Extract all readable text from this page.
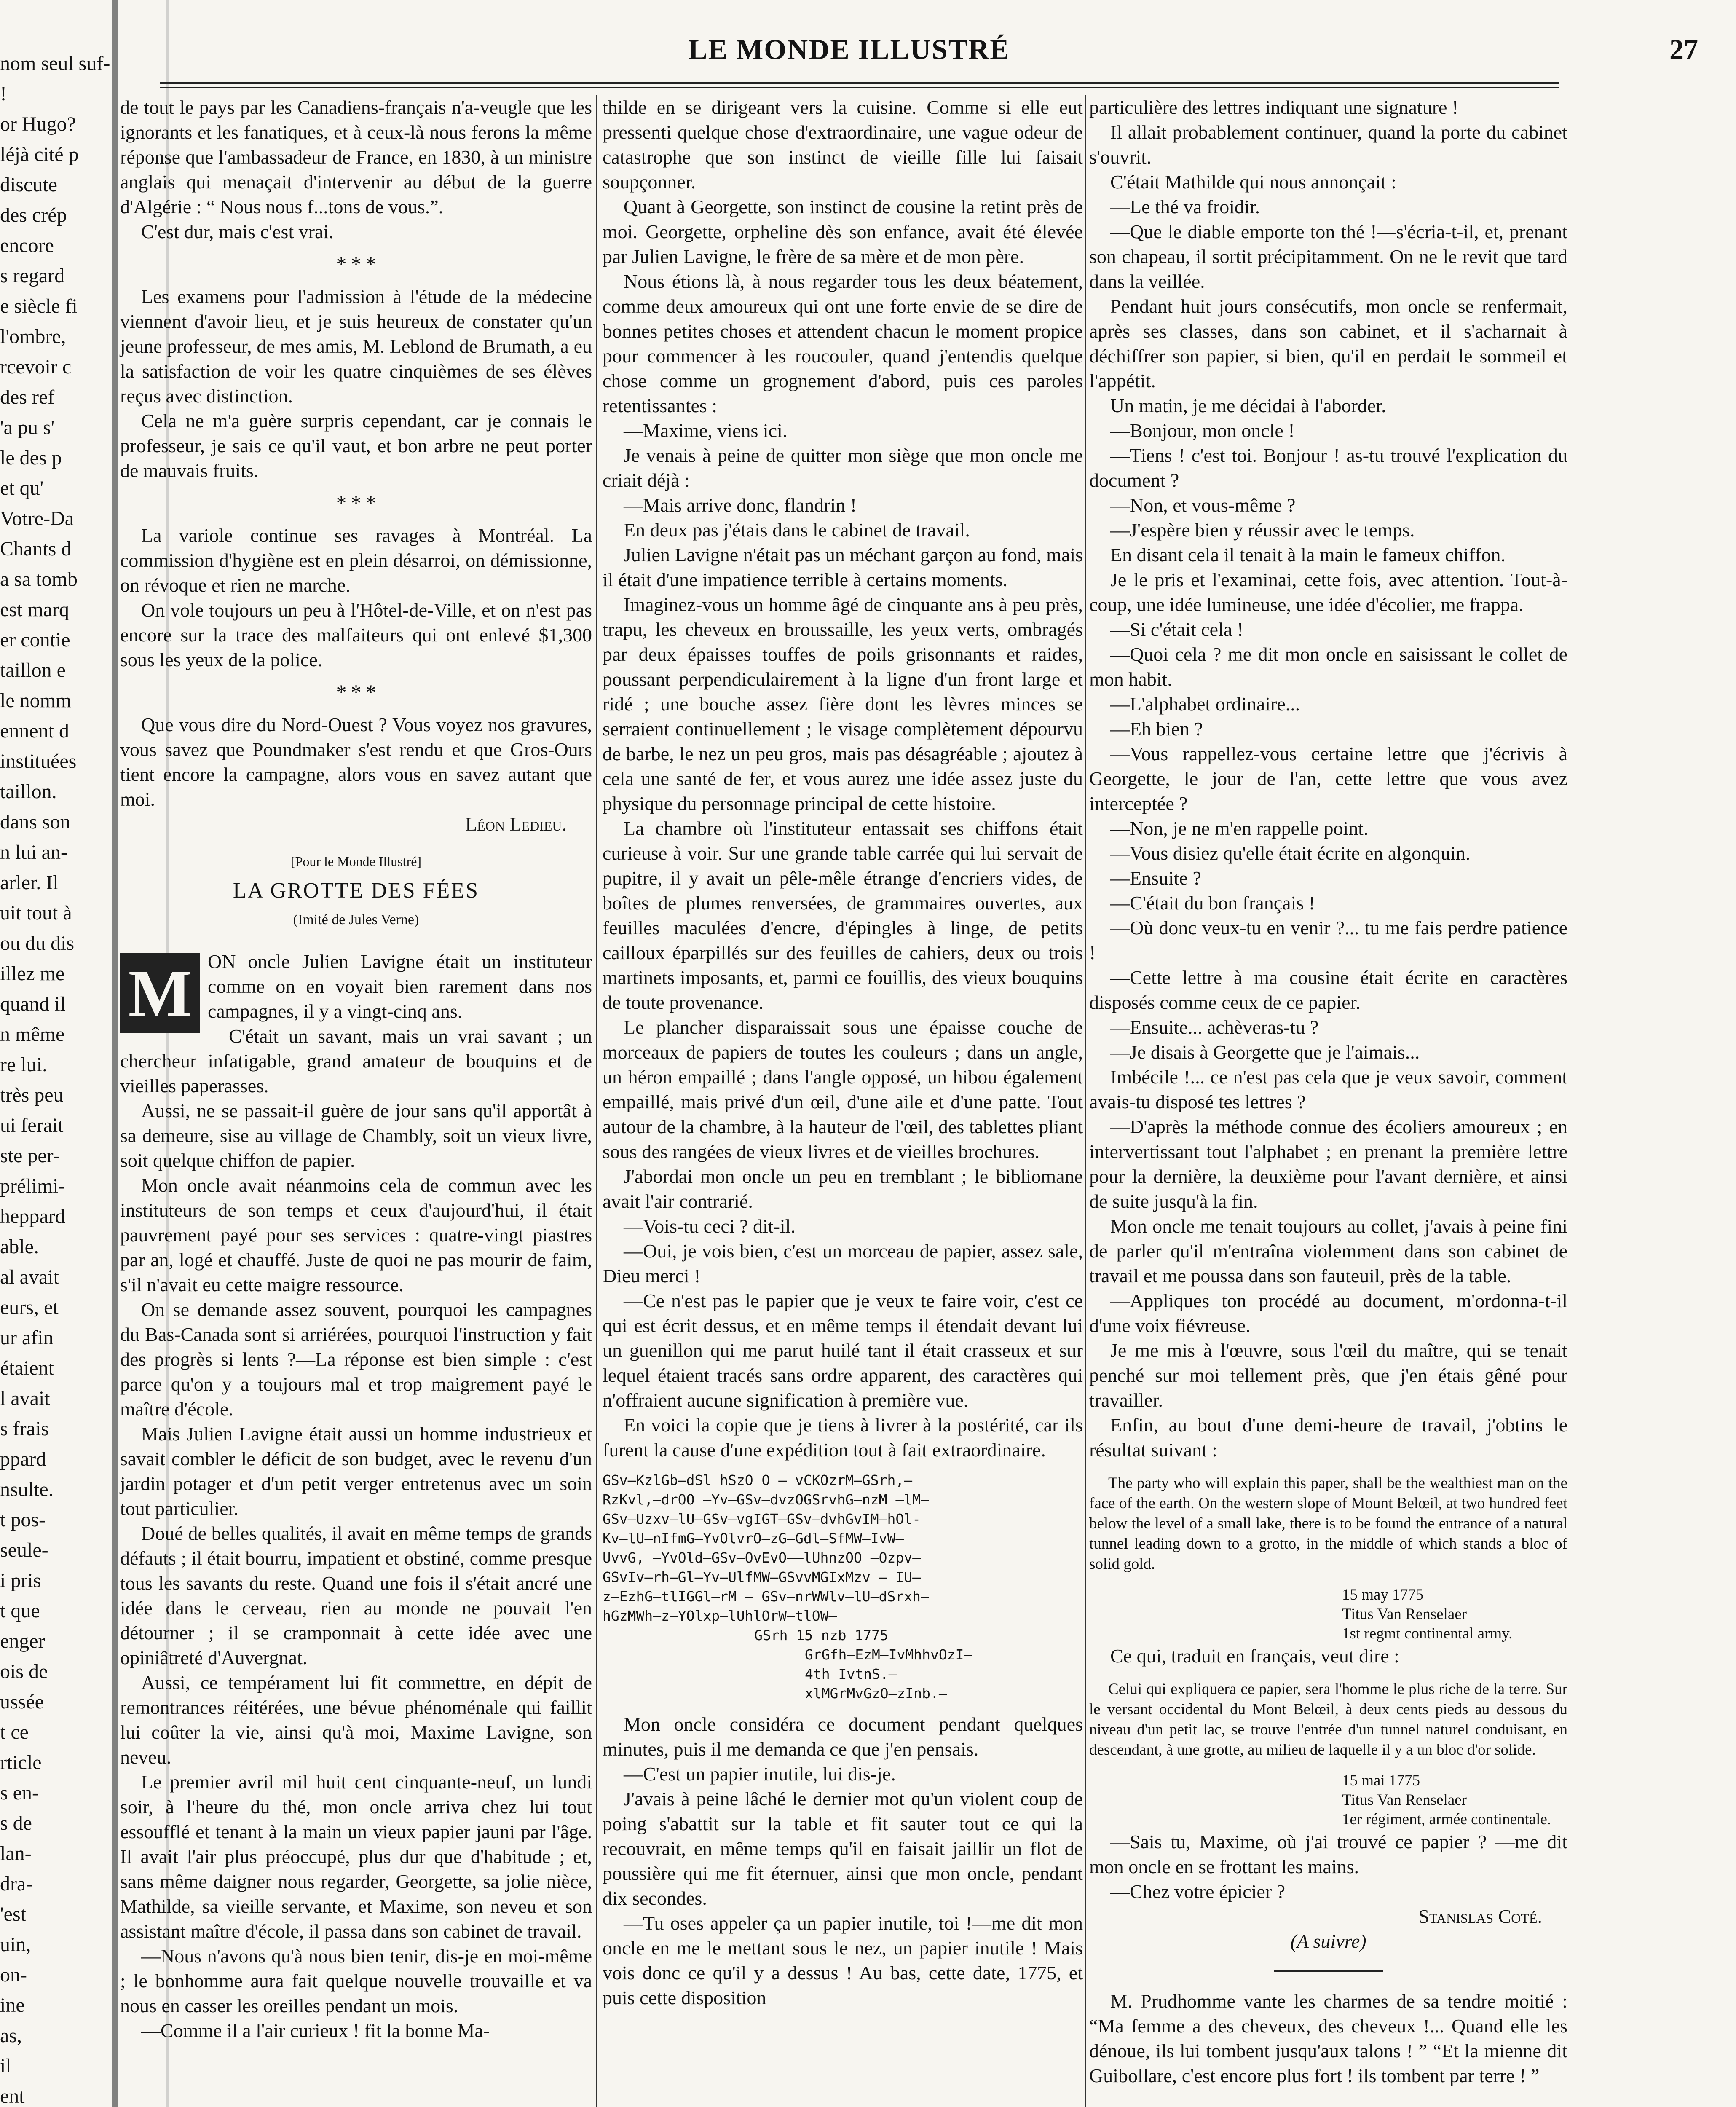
nom seul suf-
!
or Hugo?
léjà cité p
discute
des crép
encore
s regard
e siècle fi
l'ombre,
rcevoir c
des ref
'a pu s'
le des p
et qu'
Votre-Da
Chants d
a sa tomb
est marq
er contie
taillon e
le nomm
ennent d
instituées
taillon.
dans son
n lui an-
arler. Il
uit tout à
ou du dis
illez me
quand il
n même
re lui.
très peu
ui ferait
ste per-
prélimi-
heppard
able.
al avait
eurs, et
ur afin
étaient
l avait
s frais
ppard
nsulte.
t pos-
seule-
i pris
t que
enger
ois de
ussée
t ce
rticle
s en-
s de
lan-
dra-
'est
uin,
on-
ine
as,
il
ent
LE MONDE ILLUSTRÉ	27

de tout le pays par les Canadiens-français n'a-veugle que les ignorants et les fanatiques, et à ceux-là nous ferons la même réponse que l'ambassadeur de France, en 1830, à un ministre anglais qui menaçait d'intervenir au début de la guerre d'Algérie : “ Nous nous f...tons de vous.”.

C'est dur, mais c'est vrai.

* * *

Les examens pour l'admission à l'étude de la médecine viennent d'avoir lieu, et je suis heureux de constater qu'un jeune professeur, de mes amis, M. Leblond de Brumath, a eu la satisfaction de voir les quatre cinquièmes de ses élèves reçus avec distinction.

Cela ne m'a guère surpris cependant, car je connais le professeur, je sais ce qu'il vaut, et bon arbre ne peut porter de mauvais fruits.

* * *

La variole continue ses ravages à Montréal. La commission d'hygiène est en plein désarroi, on démissionne, on révoque et rien ne marche.

On vole toujours un peu à l'Hôtel-de-Ville, et on n'est pas encore sur la trace des malfaiteurs qui ont enlevé $1,300 sous les yeux de la police.

* * *

Que vous dire du Nord-Ouest ? Vous voyez nos gravures, vous savez que Poundmaker s'est rendu et que Gros-Ours tient encore la campagne, alors vous en savez autant que moi.

Léon Ledieu.
[Pour le Monde Illustré]
LA GROTTE DES FÉES
(Imité de Jules Verne)
M ON oncle Julien Lavigne était un instituteur comme on en voyait bien rarement dans nos campagnes, il y a vingt-cinq ans.

C'était un savant, mais un vrai savant ; un chercheur infatigable, grand amateur de bouquins et de vieilles paperasses.

Aussi, ne se passait-il guère de jour sans qu'il apportât à sa demeure, sise au village de Chambly, soit un vieux livre, soit quelque chiffon de papier.

Mon oncle avait néanmoins cela de commun avec les instituteurs de son temps et ceux d'aujourd'hui, il était pauvrement payé pour ses services : quatre-vingt piastres par an, logé et chauffé. Juste de quoi ne pas mourir de faim, s'il n'avait eu cette maigre ressource.

On se demande assez souvent, pourquoi les campagnes du Bas-Canada sont si arriérées, pourquoi l'instruction y fait des progrès si lents ?—La réponse est bien simple : c'est parce qu'on y a toujours mal et trop maigrement payé le maître d'école.

Mais Julien Lavigne était aussi un homme industrieux et savait combler le déficit de son budget, avec le revenu d'un jardin potager et d'un petit verger entretenus avec un soin tout particulier.

Doué de belles qualités, il avait en même temps de grands défauts ; il était bourru, impatient et obstiné, comme presque tous les savants du reste. Quand une fois il s'était ancré une idée dans le cerveau, rien au monde ne pouvait l'en détourner ; il se cramponnait à cette idée avec une opiniâtreté d'Auvergnat.

Aussi, ce tempérament lui fit commettre, en dépit de remontrances réitérées, une bévue phénoménale qui faillit lui coûter la vie, ainsi qu'à moi, Maxime Lavigne, son neveu.

Le premier avril mil huit cent cinquante-neuf, un lundi soir, à l'heure du thé, mon oncle arriva chez lui tout essoufflé et tenant à la main un vieux papier jauni par l'âge. Il avait l'air plus préoccupé, plus dur que d'habitude ; et, sans même daigner nous regarder, Georgette, sa jolie nièce, Mathilde, sa vieille servante, et Maxime, son neveu et son assistant maître d'école, il passa dans son cabinet de travail.

—Nous n'avons qu'à nous bien tenir, dis-je en moi-même ; le bonhomme aura fait quelque nouvelle trouvaille et va nous en casser les oreilles pendant un mois.

—Comme il a l'air curieux ! fit la bonne Ma-

thilde en se dirigeant vers la cuisine. Comme si elle eut pressenti quelque chose d'extraordinaire, une vague odeur de catastrophe que son instinct de vieille fille lui faisait soupçonner.

Quant à Georgette, son instinct de cousine la retint près de moi. Georgette, orpheline dès son enfance, avait été élevée par Julien Lavigne, le frère de sa mère et de mon père.

Nous étions là, à nous regarder tous les deux béatement, comme deux amoureux qui ont une forte envie de se dire de bonnes petites choses et attendent chacun le moment propice pour commencer à les roucouler, quand j'entendis quelque chose comme un grognement d'abord, puis ces paroles retentissantes :

—Maxime, viens ici.

Je venais à peine de quitter mon siège que mon oncle me criait déjà :

—Mais arrive donc, flandrin !

En deux pas j'étais dans le cabinet de travail.

Julien Lavigne n'était pas un méchant garçon au fond, mais il était d'une impatience terrible à certains moments.

Imaginez-vous un homme âgé de cinquante ans à peu près, trapu, les cheveux en broussaille, les yeux verts, ombragés par deux épaisses touffes de poils grisonnants et raides, poussant perpendiculairement à la ligne d'un front large et ridé ; une bouche assez fière dont les lèvres minces se serraient continuellement ; le visage complètement dépourvu de barbe, le nez un peu gros, mais pas désagréable ; ajoutez à cela une santé de fer, et vous aurez une idée assez juste du physique du personnage principal de cette histoire.

La chambre où l'instituteur entassait ses chiffons était curieuse à voir. Sur une grande table carrée qui lui servait de pupitre, il y avait un pêle-mêle étrange d'encriers vides, de boîtes de plumes renversées, de grammaires ouvertes, aux feuilles maculées d'encre, d'épingles à linge, de petits cailloux éparpillés sur des feuilles de cahiers, deux ou trois martinets imposants, et, parmi ce fouillis, des vieux bouquins de toute provenance.

Le plancher disparaissait sous une épaisse couche de morceaux de papiers de toutes les couleurs ; dans un angle, un héron empaillé ; dans l'angle opposé, un hibou également empaillé, mais privé d'un œil, d'une aile et d'une patte. Tout autour de la chambre, à la hauteur de l'œil, des tablettes pliant sous des rangées de vieux livres et de vieilles brochures.

J'abordai mon oncle un peu en tremblant ; le bibliomane avait l'air contrarié.

—Vois-tu ceci ? dit-il.

—Oui, je vois bien, c'est un morceau de papier, assez sale, Dieu merci !

—Ce n'est pas le papier que je veux te faire voir, c'est ce qui est écrit dessus, et en même temps il étendait devant lui un guenillon qui me parut huilé tant il était crasseux et sur lequel étaient tracés sans ordre apparent, des caractères qui n'offraient aucune signification à première vue.

En voici la copie que je tiens à livrer à la postérité, car ils furent la cause d'une expédition tout à fait extraordinaire.

GSv—KzlGb—dSl hSzO O — vCKOzrM—GSrh,—
RzKvl,—drOO —Yv—GSv—dvzOGSrvhG—nzM —lM—
GSv—Uzxv—lU—GSv—vgIGT—GSv—dvhGvIM—hOl-
Kv—lU—nIfmG—YvOlvrO—zG—Gdl—SfMW—IvW—
UvvG, —YvOld—GSv—OvEvO——lUhnzOO —Ozpv—
GSvIv—rh—Gl—Yv—UlfMW—GSvvMGIxMzv — IU—
z—EzhG—tlIGGl—rM — GSv—nrWWlv—lU—dSrxh—
hGzMWh—z—YOlxp—lUhlOrW—tlOW—
GSrh 15 nzb 1775
GrGfh—EzM—IvMhhvOzI—
4th IvtnS.—
xlMGrMvGzO—zInb.—

Mon oncle considéra ce document pendant quelques minutes, puis il me demanda ce que j'en pensais.

—C'est un papier inutile, lui dis-je.

J'avais à peine lâché le dernier mot qu'un violent coup de poing s'abattit sur la table et fit sauter tout ce qui la recouvrait, en même temps qu'il en faisait jaillir un flot de poussière qui me fit éternuer, ainsi que mon oncle, pendant dix secondes.

—Tu oses appeler ça un papier inutile, toi !—me dit mon oncle en me le mettant sous le nez, un papier inutile ! Mais vois donc ce qu'il y a dessus ! Au bas, cette date, 1775, et puis cette disposition

particulière des lettres indiquant une signature !

Il allait probablement continuer, quand la porte du cabinet s'ouvrit.

C'était Mathilde qui nous annonçait :

—Le thé va froidir.

—Que le diable emporte ton thé !—s'écria-t-il, et, prenant son chapeau, il sortit précipitamment. On ne le revit que tard dans la veillée.

Pendant huit jours consécutifs, mon oncle se renfermait, après ses classes, dans son cabinet, et il s'acharnait à déchiffrer son papier, si bien, qu'il en perdait le sommeil et l'appétit.

Un matin, je me décidai à l'aborder.

—Bonjour, mon oncle !

—Tiens ! c'est toi. Bonjour ! as-tu trouvé l'explication du document ?

—Non, et vous-même ?

—J'espère bien y réussir avec le temps.

En disant cela il tenait à la main le fameux chiffon.

Je le pris et l'examinai, cette fois, avec attention. Tout-à-coup, une idée lumineuse, une idée d'écolier, me frappa.

—Si c'était cela !

—Quoi cela ? me dit mon oncle en saisissant le collet de mon habit.

—L'alphabet ordinaire...

—Eh bien ?

—Vous rappellez-vous certaine lettre que j'écrivis à Georgette, le jour de l'an, cette lettre que vous avez interceptée ?

—Non, je ne m'en rappelle point.

—Vous disiez qu'elle était écrite en algonquin.

—Ensuite ?

—C'était du bon français !

—Où donc veux-tu en venir ?... tu me fais perdre patience !

—Cette lettre à ma cousine était écrite en caractères disposés comme ceux de ce papier.

—Ensuite... achèveras-tu ?

—Je disais à Georgette que je l'aimais...

Imbécile !... ce n'est pas cela que je veux savoir, comment avais-tu disposé tes lettres ?

—D'après la méthode connue des écoliers amoureux ; en intervertissant tout l'alphabet ; en prenant la première lettre pour la dernière, la deuxième pour l'avant dernière, et ainsi de suite jusqu'à la fin.

Mon oncle me tenait toujours au collet, j'avais à peine fini de parler qu'il m'entraîna violemment dans son cabinet de travail et me poussa dans son fauteuil, près de la table.

—Appliques ton procédé au document, m'ordonna-t-il d'une voix fiévreuse.

Je me mis à l'œuvre, sous l'œil du maître, qui se tenait penché sur moi tellement près, que j'en étais gêné pour travailler.

Enfin, au bout d'une demi-heure de travail, j'obtins le résultat suivant :

The party who will explain this paper, shall be the wealthiest man on the face of the earth. On the western slope of Mount Belœil, at two hundred feet below the level of a small lake, there is to be found the entrance of a natural tunnel leading down to a grotto, in the middle of which stands a bloc of solid gold.

15 may 1775
Titus Van Renselaer
1st regmt continental army.

Ce qui, traduit en français, veut dire :

Celui qui expliquera ce papier, sera l'homme le plus riche de la terre. Sur le versant occidental du Mont Belœil, à deux cents pieds au dessous du niveau d'un petit lac, se trouve l'entrée d'un tunnel naturel conduisant, en descendant, à une grotte, au milieu de laquelle il y a un bloc d'or solide.

15 mai 1775
Titus Van Renselaer
1er régiment, armée continentale.

—Sais tu, Maxime, où j'ai trouvé ce papier ? —me dit mon oncle en se frottant les mains.

—Chez votre épicier ?

Stanislas Coté.
(A suivre)

M. Prudhomme vante les charmes de sa tendre moitié : “Ma femme a des cheveux, des cheveux !... Quand elle les dénoue, ils lui tombent jusqu'aux talons ! ” “Et la mienne dit Guibollare, c'est encore plus fort ! ils tombent par terre ! ”
